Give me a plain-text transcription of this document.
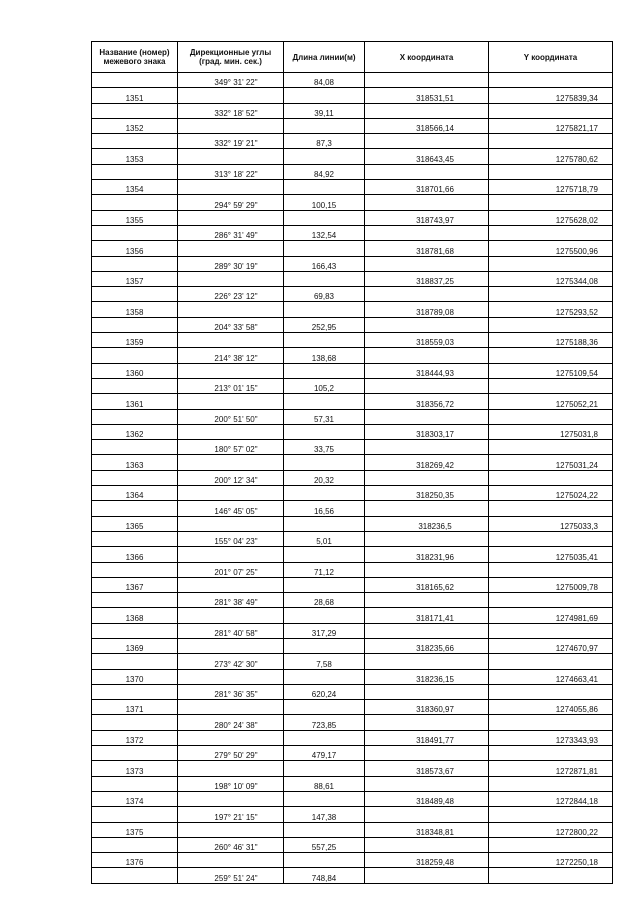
Название (номер) межевого знака	Дирекционные углы (град. мин. сек.)	Длина линии(м)	X координата	Y координата
	349° 31' 22"	84,08		
1351			318531,51	1275839,34
	332° 18' 52"	39,11		
1352			318566,14	1275821,17
	332° 19' 21"	87,3		
1353			318643,45	1275780,62
	313° 18' 22"	84,92		
1354			318701,66	1275718,79
	294° 59' 29"	100,15		
1355			318743,97	1275628,02
	286° 31' 49"	132,54		
1356			318781,68	1275500,96
	289° 30' 19"	166,43		
1357			318837,25	1275344,08
	226° 23' 12"	69,83		
1358			318789,08	1275293,52
	204° 33' 58"	252,95		
1359			318559,03	1275188,36
	214° 38' 12"	138,68		
1360			318444,93	1275109,54
	213° 01' 15"	105,2		
1361			318356,72	1275052,21
	200° 51' 50"	57,31		
1362			318303,17	1275031,8
	180° 57' 02"	33,75		
1363			318269,42	1275031,24
	200° 12' 34"	20,32		
1364			318250,35	1275024,22
	146° 45' 05"	16,56		
1365			318236,5	1275033,3
	155° 04' 23"	5,01		
1366			318231,96	1275035,41
	201° 07' 25"	71,12		
1367			318165,62	1275009,78
	281° 38' 49"	28,68		
1368			318171,41	1274981,69
	281° 40' 58"	317,29		
1369			318235,66	1274670,97
	273° 42' 30"	7,58		
1370			318236,15	1274663,41
	281° 36' 35"	620,24		
1371			318360,97	1274055,86
	280° 24' 38"	723,85		
1372			318491,77	1273343,93
	279° 50' 29"	479,17		
1373			318573,67	1272871,81
	198° 10' 09"	88,61		
1374			318489,48	1272844,18
	197° 21' 15"	147,38		
1375			318348,81	1272800,22
	260° 46' 31"	557,25		
1376			318259,48	1272250,18
	259° 51' 24"	748,84		
